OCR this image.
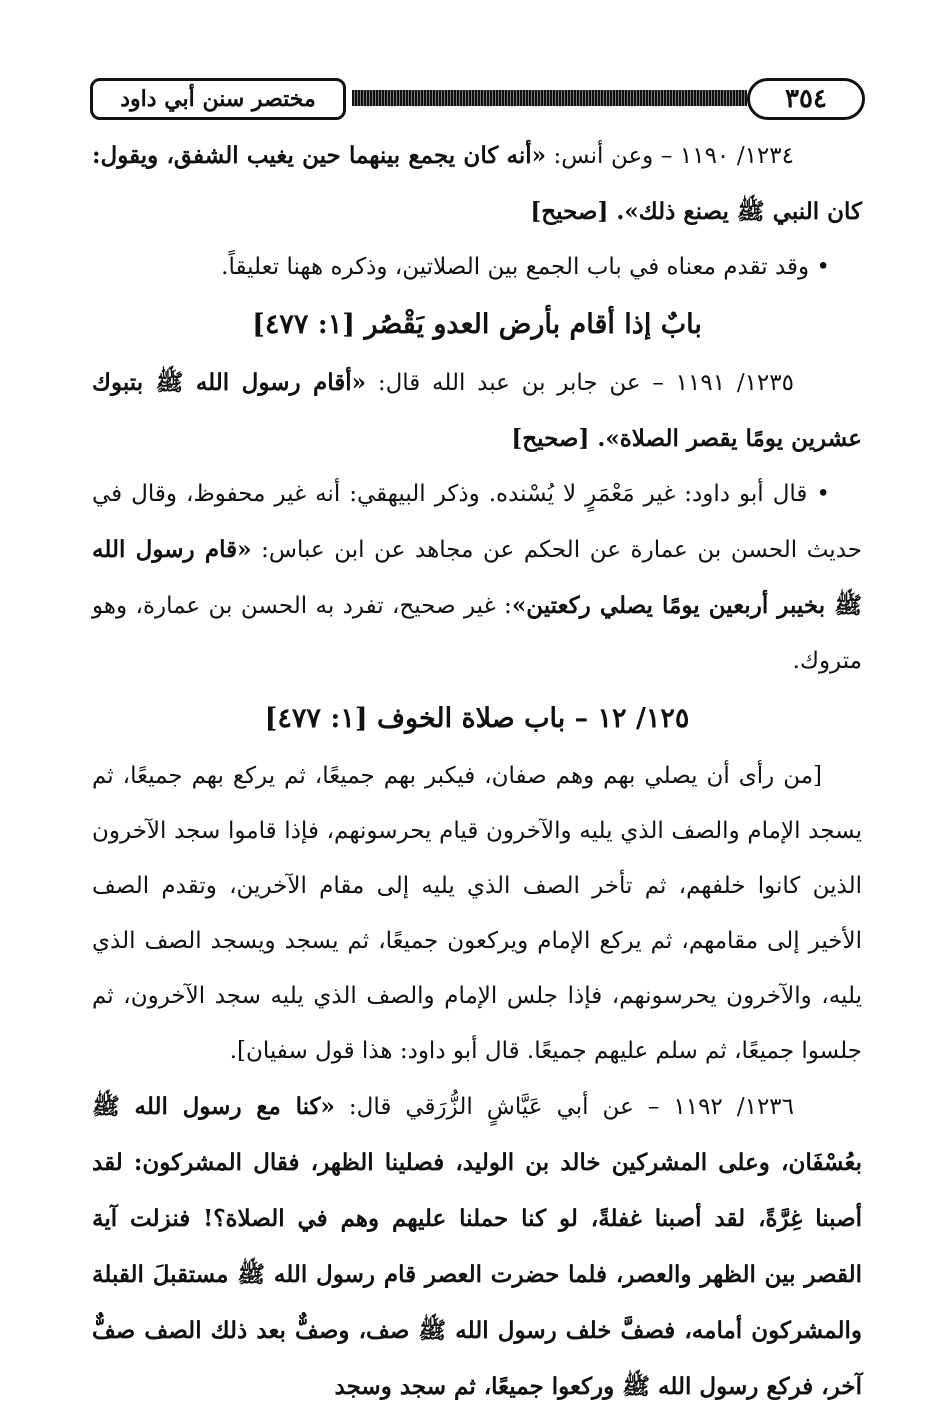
مختصر سنن أبي داود	٣٥٤

١٢٣٤/ ١١٩٠ – وعن أنس: «أنه كان يجمع بينهما حين يغيب الشفق، ويقول: كان النبي ﷺ يصنع ذلك». [صحيح]

• وقد تقدم معناه في باب الجمع بين الصلاتين، وذكره ههنا تعليقاً.

بابٌ إذا أقام بأرض العدو يَقْصُر [١: ٤٧٧]

١٢٣٥/ ١١٩١ – عن جابر بن عبد الله قال: «أقام رسول الله ﷺ بتبوك عشرين يومًا يقصر الصلاة». [صحيح]

• قال أبو داود: غير مَعْمَرٍ لا يُسْنده. وذكر البيهقي: أنه غير محفوظ، وقال في حديث الحسن بن عمارة عن الحكم عن مجاهد عن ابن عباس: «قام رسول الله ﷺ بخيبر أربعين يومًا يصلي ركعتين»: غير صحيح، تفرد به الحسن بن عمارة، وهو متروك.

١٢٥/ ١٢ – باب صلاة الخوف [١: ٤٧٧]

[من رأى أن يصلي بهم وهم صفان، فيكبر بهم جميعًا، ثم يركع بهم جميعًا، ثم يسجد الإمام والصف الذي يليه والآخرون قيام يحرسونهم، فإذا قاموا سجد الآخرون الذين كانوا خلفهم، ثم تأخر الصف الذي يليه إلى مقام الآخرين، وتقدم الصف الأخير إلى مقامهم، ثم يركع الإمام ويركعون جميعًا، ثم يسجد ويسجد الصف الذي يليه، والآخرون يحرسونهم، فإذا جلس الإمام والصف الذي يليه سجد الآخرون، ثم جلسوا جميعًا، ثم سلم عليهم جميعًا. قال أبو داود: هذا قول سفيان].

١٢٣٦/ ١١٩٢ – عن أبي عَيَّاشٍ الزُّرَقي قال: «كنا مع رسول الله ﷺ بعُسْفَان، وعلى المشركين خالد بن الوليد، فصلينا الظهر، فقال المشركون: لقد أصبنا غِرَّةً، لقد أصبنا غفلةً، لو كنا حملنا عليهم وهم في الصلاة؟! فنزلت آية القصر بين الظهر والعصر، فلما حضرت العصر قام رسول الله ﷺ مستقبلَ القبلة والمشركون أمامه، فصفَّ خلف رسول الله ﷺ صف، وصفٌّ بعد ذلك الصف صفٌّ آخر، فركع رسول الله ﷺ وركعوا جميعًا، ثم سجد وسجد
